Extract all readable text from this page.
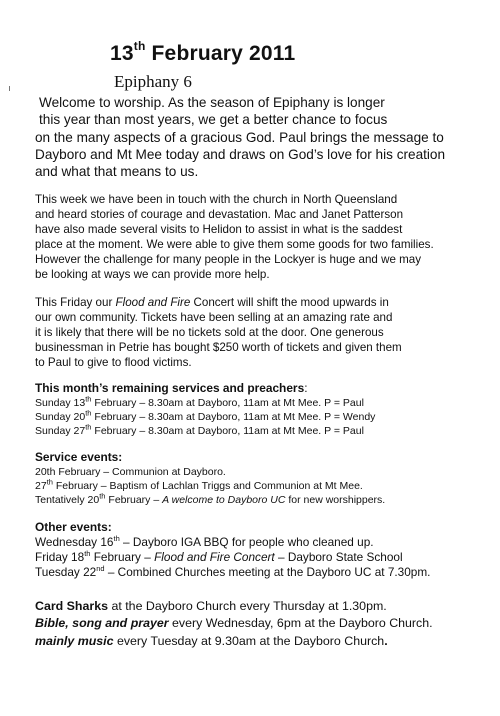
13th February 2011
Epiphany 6
Welcome to worship. As the season of Epiphany is longer
this year than most years, we get a better chance to focus
on the many aspects of a gracious God. Paul brings the message to
Dayboro and Mt Mee today and draws on God’s love for his creation
and what that means to us.
This week we have been in touch with the church in North Queensland
and heard stories of courage and devastation. Mac and Janet Patterson
have also made several visits to Helidon to assist in what is the saddest
place at the moment. We were able to give them some goods for two families.
However the challenge for many people in the Lockyer is huge and we may
be looking at ways we can provide more help.
This Friday our Flood and Fire Concert will shift the mood upwards in
our own community. Tickets have been selling at an amazing rate and
it is likely that there will be no tickets sold at the door. One generous
businessman in Petrie has bought $250 worth of tickets and given them
to Paul to give to flood victims.
This month’s remaining services and preachers:
Sunday 13th February – 8.30am at Dayboro, 11am at Mt Mee. P = Paul
Sunday 20th February – 8.30am at Dayboro, 11am at Mt Mee. P = Wendy
Sunday 27th February – 8.30am at Dayboro, 11am at Mt Mee. P = Paul
Service events:
20th February – Communion at Dayboro.
27th February – Baptism of Lachlan Triggs and Communion at Mt Mee.
Tentatively 20th February – A welcome to Dayboro UC for new worshippers.
Other events:
Wednesday 16th – Dayboro IGA BBQ for people who cleaned up.
Friday 18th February – Flood and Fire Concert – Dayboro State School
Tuesday 22nd – Combined Churches meeting at the Dayboro UC at 7.30pm.
Card Sharks at the Dayboro Church every Thursday at 1.30pm.
Bible, song and prayer every Wednesday, 6pm at the Dayboro Church.
mainly music every Tuesday at 9.30am at the Dayboro Church.
